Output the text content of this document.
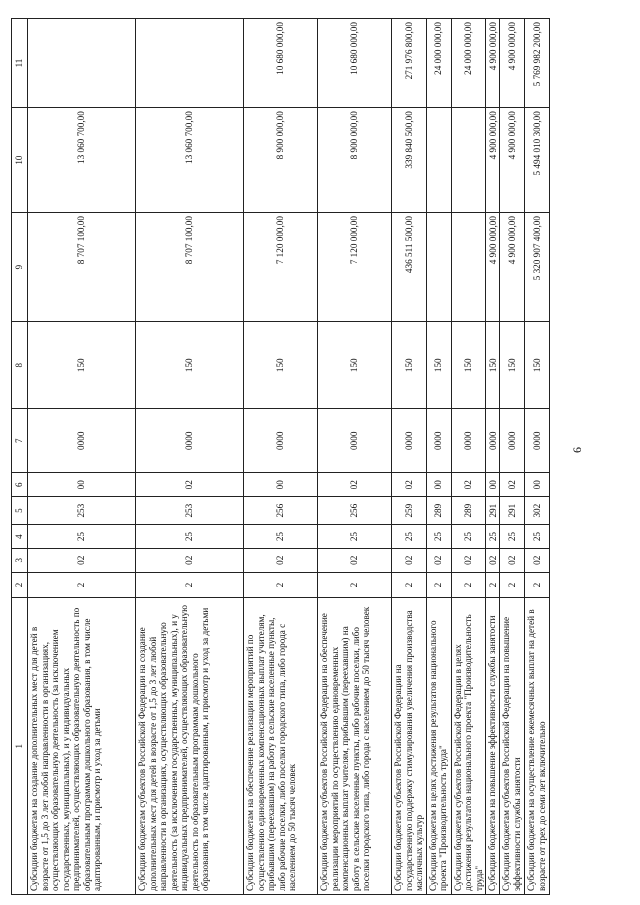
6
1	2	3	4	5	6	7	8	9	10	11
Субсидии бюджетам на создание дополнительных мест для детей в возрасте от 1,5 до 3 лет любой направленности в организациях, осуществляющих образовательную деятельность (за исключением государственных, муниципальных), и у индивидуальных предпринимателей, осуществляющих образовательную деятельность по образовательным программам дошкольного образования, в том числе адаптированным, и присмотр и уход за детьми	2	02	25	253	00	0000	150	8 707 100,00	13 060 700,00	
Субсидии бюджетам субъектов Российской Федерации на создание дополнительных мест для детей в возрасте от 1,5 до 3 лет любой направленности в организациях, осуществляющих образовательную деятельность (за исключением государственных, муниципальных), и у индивидуальных предпринимателей, осуществляющих образовательную деятельность по образовательным программам дошкольного образования, в том числе адаптированным, и присмотр и уход за детьми	2	02	25	253	02	0000	150	8 707 100,00	13 060 700,00	
Субсидии бюджетам на обеспечение реализации мероприятий по осуществлению единовременных компенсационных выплат учителям, прибывшим (переехавшим) на работу в сельские населенные пункты, либо рабочие поселки, либо поселки городского типа, либо города с населением до 50 тысяч человек	2	02	25	256	00	0000	150	7 120 000,00	8 900 000,00	10 680 000,00
Субсидии бюджетам субъектов Российской Федерации на обеспечение реализации мероприятий по осуществлению единовременных компенсационных выплат учителям, прибывшим (переехавшим) на работу в сельские населенные пункты, либо рабочие поселки, либо поселки городского типа, либо города с населением до 50 тысяч человек	2	02	25	256	02	0000	150	7 120 000,00	8 900 000,00	10 680 000,00
Субсидии бюджетам субъектов Российской Федерации на государственную поддержку стимулирования увеличения производства масличных культур	2	02	25	259	02	0000	150	436 511 500,00	339 840 500,00	271 976 800,00
Субсидии бюджетам в целях достижения результатов национального проекта "Производительность труда"	2	02	25	289	00	0000	150			24 000 000,00
Субсидии бюджетам субъектов Российской Федерации в целях достижения результатов национального проекта "Производительность труда"	2	02	25	289	02	0000	150			24 000 000,00
Субсидии бюджетам на повышение эффективности службы занятости	2	02	25	291	00	0000	150	4 900 000,00	4 900 000,00	4 900 000,00
Субсидии бюджетам субъектов Российской Федерации на повышение эффективности службы занятости	2	02	25	291	02	0000	150	4 900 000,00	4 900 000,00	4 900 000,00
Субсидии бюджетам на осуществление ежемесячных выплат на детей в возрасте от трех до семи лет включительно	2	02	25	302	00	0000	150	5 320 907 400,00	5 494 010 300,00	5 769 982 200,00
